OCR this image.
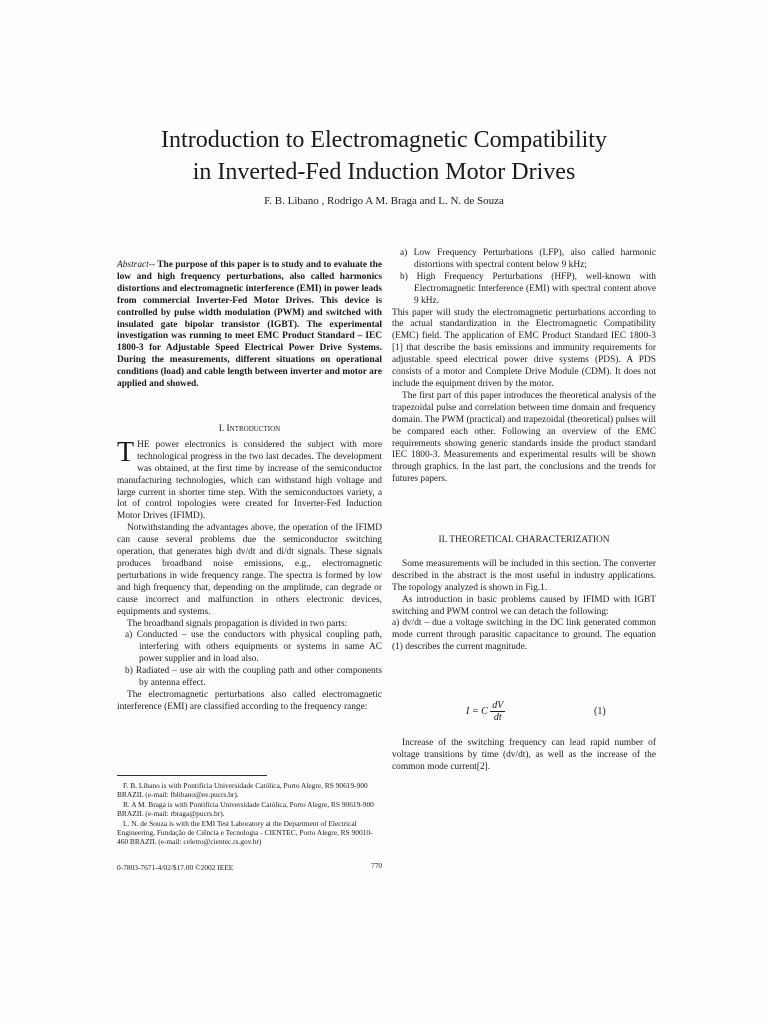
Introduction to Electromagnetic Compatibility
in Inverted-Fed Induction Motor Drives
F. B. Libano , Rodrigo A M. Braga and L. N. de Souza

Abstract-- The purpose of this paper is to study and to evaluate the low and high frequency perturbations, also called harmonics distortions and electromagnetic interference (EMI) in power leads from commercial Inverter-Fed Motor Drives. This device is controlled by pulse width modulation (PWM) and switched with insulated gate bipolar transistor (IGBT). The experimental investigation was running to meet EMC Product Standard – IEC 1800-3 for Adjustable Speed Electrical Power Drive Systems. During the measurements, different situations on operational conditions (load) and cable length between inverter and motor are applied and showed.

I. Introduction

THE power electronics is considered the subject with more technological progress in the two last decades. The development was obtained, at the first time by increase of the semiconductor manufacturing technologies, which can withstand high voltage and large current in shorter time step. With the semiconductors variety, a lot of control topologies were created for Inverter-Fed Induction Motor Drives (IFIMD).

Notwithstanding the advantages above, the operation of the IFIMD can cause several problems due the semiconductor switching operation, that generates high dv/dt and di/dt signals. These signals produces broadband noise emissions, e.g., electromagnetic perturbations in wide frequency range. The spectra is formed by low and high frequency that, depending on the amplitude, can degrade or cause incorrect and malfunction in others electronic devices, equipments and systems.

The broadband signals propagation is divided in two parts:

a) Conducted – use the conductors with physical coupling path, interfering with others equipments or systems in same AC power supplier and in load also.

b) Radiated – use air with the coupling path and other components by antenna effect.

The electromagnetic perturbations also called electromagnetic interference (EMI) are classified according to the frequency range:

F. B. Libano is with Pontifícia Universidade Católica, Porto Alegre, RS 90619-900 BRAZIL (e-mail: fblibano@ee.pucrs.br).

R. A M. Braga is with Pontifícia Universidade Católica, Porto Alegre, RS 90619-900 BRAZIL (e-mail: rbraga@pucrs.br).

L. N. de Souza is with the EMI Test Laboratory at the Department of Electrical Engineering, Fundação de Ciência e Tecnologia - CIENTEC, Porto Alegre, RS 90010-460 BRAZIL (e-mail: celetro@cientec.rs.gov.br)

0-7803-7671-4/02/$17.00 ©2002 IEEE	770

a) Low Frequency Perturbations (LFP), also called harmonic distortions with spectral content below 9 kHz;

b) High Frequency Perturbations (HFP), well-known with Electromagnetic Interference (EMI) with spectral content above 9 kHz.

This paper will study the electromagnetic perturbations according to the actual standardization in the Electromagnetic Compatibility (EMC) field. The application of EMC Product Standard IEC 1800-3 [1] that describe the basis emissions and immunity requirements for adjustable speed electrical power drive systems (PDS). A PDS consists of a motor and Complete Drive Module (CDM). It does not include the equipment driven by the motor.

The first part of this paper introduces the theoretical analysis of the trapezoidal pulse and correlation between time domain and frequency domain. The PWM (practical) and trapezoidal (theoretical) pulses will be compared each other. Following an overview of the EMC requirements showing generic standards inside the product standard IEC 1800-3. Measurements and experimental results will be shown through graphics. In the last part, the conclusions and the trends for futures papers.

II. THEORETICAL CHARACTERIZATION

Some measurements will be included in this section. The converter described in the abstract is the most useful in industry applications. The topology analyzed is shown in Fig.1.

As introduction in basic problems caused by IFIMD with IGBT switching and PWM control we can detach the following:

a) dv/dt – due a voltage switching in the DC link generated common mode current through parasitic capacitance to ground. The equation (1) describes the current magnitude.

I = C $\frac{dV}{dt}$	(1)

Increase of the switching frequency can lead rapid number of voltage transitions by time (dv/dt), as well as the increase of the common mode current[2].
